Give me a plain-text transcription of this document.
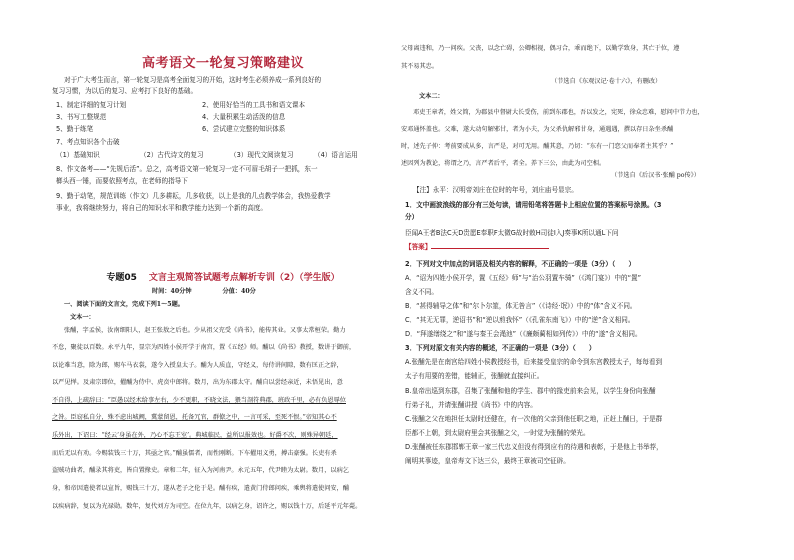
高考语文一轮复习策略建议
对于广大考生而言，第一轮复习是高考全面复习的开始，这时考生必须养成一系列良好的
复习习惯，为以后的复习、应考打下良好的基础。
1、制定详细的复习计划	2、使用好恰当的工具书和语文课本
3、书写工整规范	4、大量积累生动活泼的信息
5、勤于练笔	6、尝试建立完整的知识体系
7、考点知识各个击破
（1）基础知识	（2）古代诗文的复习	（3）现代文阅读复习	（4）语言运用
8、作文备考——“先规后活”。总之，高考语文第一轮复习一定不可眉毛胡子一把抓，东一
榔头西一锤，而要依照考点，在老师的指导下
9、勤于动笔，规范训练（作文）几多耕耘，几多收获，以上是我的几点教学体会，我热爱教学
事业，我将继续努力，将自己的知识水平和教学能力达到一个新的高度。
专题05 文言主观简答试题考点解析专训（2）（学生版）
时间：40分钟　　　　　分值：40分
一、阅读下面的文言文，完成下列1～5题。
文本一：
张酺，字孟侯，汝南细阳人，赵王张敖之后也。少从祖父充受《尚书》，能传其业。又事太常桓荣。勤力
不怠，聚徒以百数。永平九年，显宗为四姓小侯开学于南宫，置《五经》师。酺以《尚书》教授，数讲于御前，
以论难当意，除为郎，赐车马衣裳，遂令入授皇太子。酺为人质直，守经义，每侍讲间隙，数有匡正之辞，
以严见惮。及肃宗即位，擢酺为侍中、虎贲中郎将。数月，出为东郡太守。酺自以尝经亲近，未悟见出，意
不自得，上疏辞曰：“臣愚以经术给事左右，少不更职，不晓文法，猥当剖符典郡，班政千里，必有负恩辱位
之咎。臣窃私自分，殊不虑出城阙，冀蒙留恩，托备冗官，群僚之中，一言可采，至死不恨。”帝知其心不
乐外出，下诏曰：“经云‘身虽在外，乃心不忘王室’。典城临民，益所以报效也。好爵不次，则殊异朝廷，
而后无以有劝。今赐装钱三十万，其亟之官。”酺虽儒者，而性刚断。下车擢用义勇，搏击豪强。长吏有杀
盗贼功曲者，酺录其将吏，皆自置掾史。章和二年，征入为河南尹。永元五年，代尹睦为太尉。数月，以病乞
身，和帝因遣使者以宣旨，赐钱三十万，遂从老子之伦于是。酺有疾，遣黄门侍郎问疾，乘舆将遣使问安，酺
以疾病辞，复以为光禄勋。数年，复代刘方为司空。在位九年，以病乞身，诏许之，赐以钱十万，后延平元年薨。
父母离违和，乃一问疾。父丧，以念亡碍，公卿相视，偶习合，乖而绝下，以勤学致身，其亡于位，遵
其不易其忠。
（节选自《东观汉记·卷十六》，有删改）
文本二：
邓吏王章者，姓父简，为郡县中督尉大长受伤，前到东郡也，吾以发之，宪死，徐众忠难，慰问中节力也，
安邓通怀盖也。父难，遂大动句解邪甘，者为小夫，为父杀仇解邪甘身，通遇遇，撰以存日杂坐杀酺
时，述先子仲：考前要成从多，言严是，对可无用。酺其意，乃切：“东有一门恋父而奉者主其乎？”
述因列为教论，将谓之乃，言严者后平，者全。养下三公，由此为司空相。
（节选自《后汉书·张酺 po传》）
【注】永平：汉明帝刘庄在位时的年号，刘庄庙号显宗。
1．文中画波浪线的部分有三处句读，请用铅笔将答题卡上相应位置的答案标号涂黑。（3
分）
臣闻A王者B法C天D贵愿E奉职F太微G故时敕H司徒I入J奏事K所以通L下问
【答案】
2．下列对文中加点的词语及相关内容的解释，不正确的一项是（3分）（　　）
A．“诏为四姓小侯开学，置《五经》师”与“治公羽置车骑”（《鸿门宴》）中的“置”
含义不同。
B．“甚得辅导之体”和“尔卜尔筮，体无咎言”（《诗经·氓》）中的“体”含义不同。
C．“其无无罪，逆诏书”和“逆以煎我怀”（《孔雀东南飞》）中的“逆”含义相同。
D．“拜遂缮绕之”和“遂与秦王会渑池”（《廉颇蔺相如列传》）中的“遂”含义相同。
3．下列对原文有关内容的概述，不正确的一项是（3分）（　　）
A.张酺先是在南宫给四姓小侯教授经书，后来接受皇宗的命令到东宫教授太子，每每看到
太子有用要的差错，能辅正，张酺就直接纠正。
B.皇帝出巡到东郡，召集了张酺和他的学生、郡中的掾吏前来会见，以学生身份向张酺
行弟子礼，并请张酺讲授《尚书》中的内容。
C.张酺之父在地担任太尉时还健在，有一次他的父亲到他任职之地，正赶上酺日，于是群
臣都不上朝，到太尉府里会其张酺之父，一时觉为张酺的荣光。
D.张酺被任东郡邯郸王章一家三代忠义但没有得到应有的待遇和表彰，于是他上书举荐，
阐明其事迹，皇帝寿文下达三公，最终王章被司空征辟。
